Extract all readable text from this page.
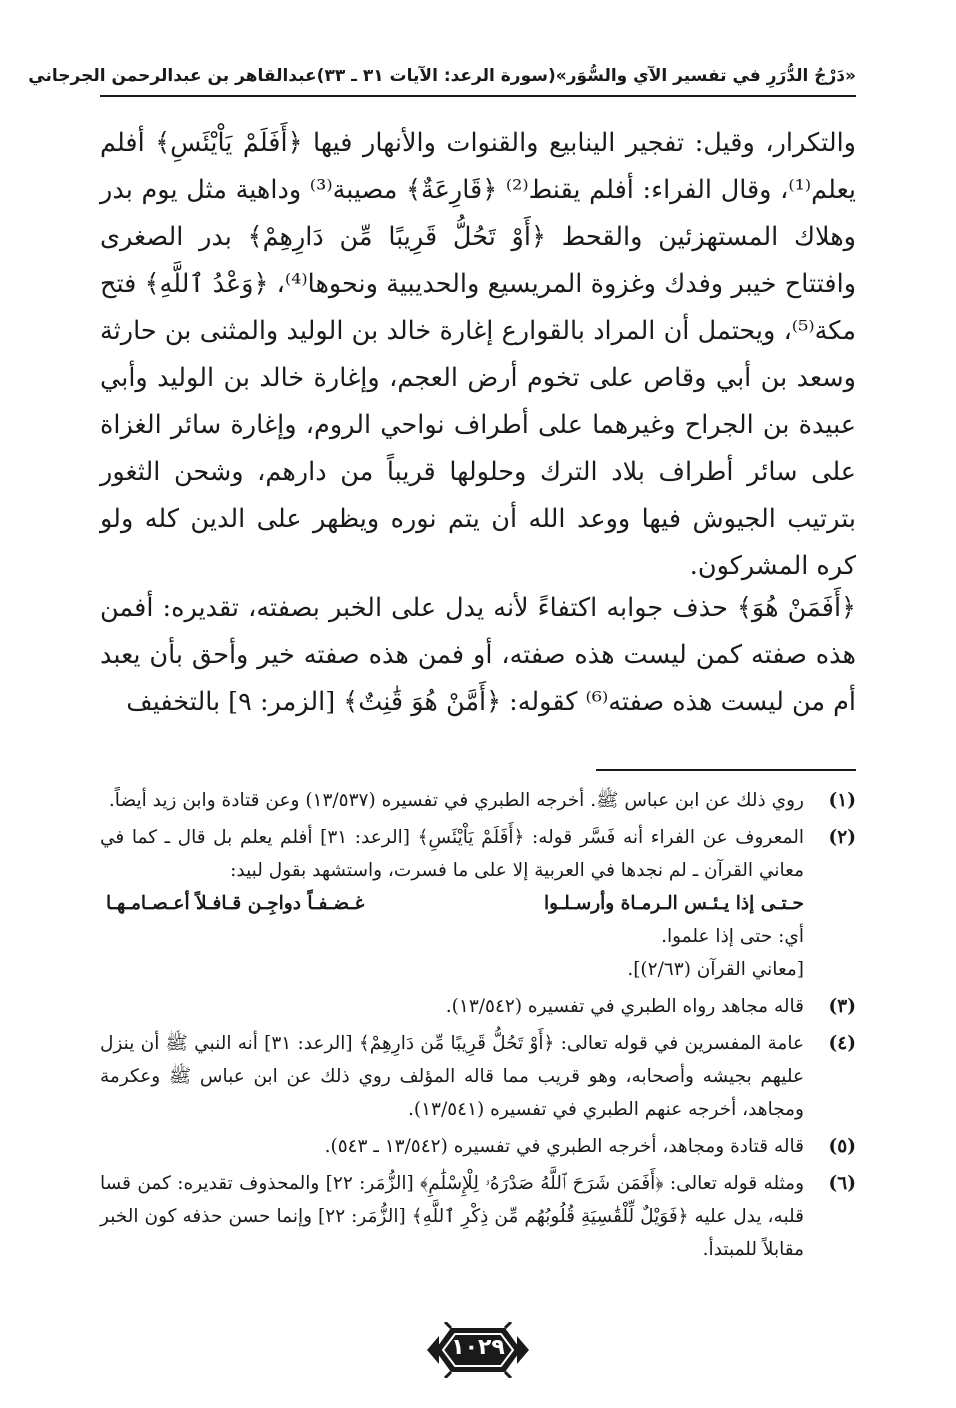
«دَرْجُ الدُّرَرِ في تفسير الآي والسُّوَر»
(سورة الرعد: الآيات ٣١ ـ ٣٣)
عبدالقاهر بن عبدالرحمن الجرجاني

والتكرار، وقيل: تفجير الينابيع والقنوات والأنهار فيها ﴿أَفَلَمْ يَاْيْئَسِ﴾ أفلم يعلم⁽¹⁾، وقال الفراء: أفلم يقنط⁽²⁾ ﴿قَارِعَةٌ﴾ مصيبة⁽³⁾ وداهية مثل يوم بدر وهلاك المستهزئين والقحط ﴿أَوْ تَحُلُّ قَرِيبًا مِّن دَارِهِمْ﴾ بدر الصغرى وافتتاح خيبر وفدك وغزوة المريسيع والحديبية ونحوها⁽⁴⁾، ﴿وَعْدُ ٱللَّهِ﴾ فتح مكة⁽⁵⁾، ويحتمل أن المراد بالقوارع إغارة خالد بن الوليد والمثنى بن حارثة وسعد بن أبي وقاص على تخوم أرض العجم، وإغارة خالد بن الوليد وأبي عبيدة بن الجراح وغيرهما على أطراف نواحي الروم، وإغارة سائر الغزاة على سائر أطراف بلاد الترك وحلولها قريباً من دارهم، وشحن الثغور بترتيب الجيوش فيها ووعد الله أن يتم نوره ويظهر على الدين كله ولو كره المشركون.

﴿أَفَمَنْ هُوَ﴾ حذف جوابه اكتفاءً لأنه يدل على الخبر بصفته، تقديره: أفمن هذه صفته كمن ليست هذه صفته، أو فمن هذه صفته خير وأحق بأن يعبد أم من ليست هذه صفته⁽⁶⁾ كقوله: ﴿أَمَّنْ هُوَ قَٰنِتٌ﴾ [الزمر: ٩] بالتخفيف

(١)
روي ذلك عن ابن عباس ﷺ. أخرجه الطبري في تفسيره (١٣/٥٣٧) وعن قتادة وابن زيد أيضاً.
(٢)
المعروف عن الفراء أنه فَسَّر قوله: ﴿أَفَلَمْ يَاْيْئَسِ﴾ [الرعد: ٣١] أفلم يعلم بل قال ـ كما في معاني القرآن ـ لم نجدها في العربية إلا على ما فسرت، واستشهد بقول لبيد:
حـتـى إذا يـئـس الـرمـاة وأرسـلـوا
غـضـفـاً دواجِـن قـافـلاً أعـصـامـهـا
أي: حتى إذا علموا.
[معاني القرآن (٢/٦٣)].
(٣)
قاله مجاهد رواه الطبري في تفسيره (١٣/٥٤٢).
(٤)
عامة المفسرين في قوله تعالى: ﴿أَوْ تَحُلُّ قَرِيبًا مِّن دَارِهِمْ﴾ [الرعد: ٣١] أنه النبي ﷺ أن ينزل عليهم بجيشه وأصحابه، وهو قريب مما قاله المؤلف روي ذلك عن ابن عباس ﷺ وعكرمة ومجاهد، أخرجه عنهم الطبري في تفسيره (١٣/٥٤١).
(٥)
قاله قتادة ومجاهد، أخرجه الطبري في تفسيره (١٣/٥٤٢ ـ ٥٤٣).
(٦)
ومثله قوله تعالى: ﴿أَفَمَن شَرَحَ ٱللَّهُ صَدْرَهُۥ لِلْإِسْلَٰمِ﴾ [الزُّمَر: ٢٢] والمحذوف تقديره: كمن قسا قلبه، يدل عليه ﴿فَوَيْلٌ لِّلْقَٰسِيَةِ قُلُوبُهُم مِّن ذِكْرِ ٱللَّهِ﴾ [الزُّمَر: ٢٢] وإنما حسن حذفه كون الخبر مقابلاً للمبتدأ.
١٠٢٩
